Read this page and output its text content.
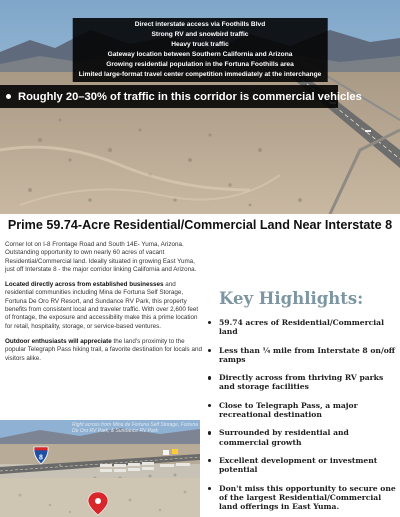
Direct interstate access via Foothills Blvd
Strong RV and snowbird traffic
Heavy truck traffic
Gateway location between Southern California and Arizona
Growing residential population in the Fortuna Foothills area
Limited large-format travel center competition immediately at the interchange
Roughly 20–30% of traffic in this corridor is commercial vehicles
Prime 59.74-Acre Residential/Commercial Land Near Interstate 8

Corner lot on I-8 Frontage Road and South 14E- Yuma, Arizona. Outstanding opportunity to own nearly 60 acres of vacant Residential/Commercial land. Ideally situated in growing East Yuma, just off Interstate 8 - the major corridor linking California and Arizona.

Located directly across from established businesses and residential communities including Mina de Fortuna Self Storage, Fortuna De Oro RV Resort, and Sundance RV Park, this property benefits from consistent local and traveler traffic. With over 2,600 feet of frontage, the exposure and accessibility make this a prime location for retail, hospitality, storage, or service-based ventures.

Outdoor enthusiasts will appreciate the land's proximity to the popular Telegraph Pass hiking trail, a favorite destination for locals and visitors alike.

8
Right across from Mina de Fortuna Self Storage, Fortuna De Oro RV Park, & Sundance RV Park
Key Highlights:
59.74 acres of Residential/Commercial land
Less than ¼ mile from Interstate 8 on/off ramps
Directly across from thriving RV parks and storage facilities
Close to Telegraph Pass, a major recreational destination
Surrounded by residential and commercial growth
Excellent development or investment potential
Don't miss this opportunity to secure one of the largest Residential/Commercial land offerings in East Yuma.
